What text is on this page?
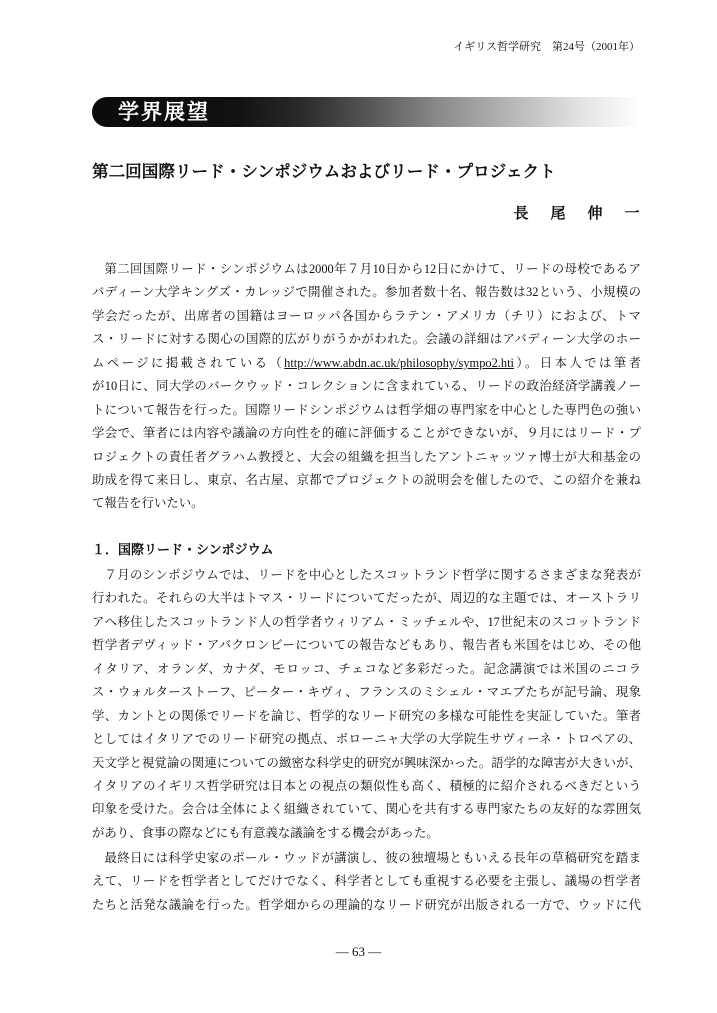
イギリス哲学研究　第24号（2001年）
学界展望
第二回国際リード・シンポジウムおよびリード・プロジェクト
長　尾　伸　一
第二回国際リード・シンポジウムは2000年７月10日から12日にかけて、リードの母校であるア
バディーン大学キングズ・カレッジで開催された。参加者数十名、報告数は32という、小規模の
学会だったが、出席者の国籍はヨーロッパ各国からラテン・アメリカ（チリ）におよび、トマ
ス・リードに対する関心の国際的広がりがうかがわれた。会議の詳細はアバディーン大学のホー
ムページに掲載されている（http://www.abdn.ac.uk/philosophy/sympo2.hti）。日本人では筆者
が10日に、同大学のバークウッド・コレクションに含まれている、リードの政治経済学講義ノー
トについて報告を行った。国際リードシンポジウムは哲学畑の専門家を中心とした専門色の強い
学会で、筆者には内容や議論の方向性を的確に評価することができないが、９月にはリード・プ
ロジェクトの責任者グラハム教授と、大会の組織を担当したアントニャッツァ博士が大和基金の
助成を得て来日し、東京、名古屋、京都でプロジェクトの説明会を催したので、この紹介を兼ね
て報告を行いたい。
１．国際リード・シンポジウム
７月のシンポジウムでは、リードを中心としたスコットランド哲学に関するさまざまな発表が
行われた。それらの大半はトマス・リードについてだったが、周辺的な主題では、オーストラリ
アへ移住したスコットランド人の哲学者ウィリアム・ミッチェルや、17世紀末のスコットランド
哲学者デヴィッド・アバクロンビーについての報告などもあり、報告者も米国をはじめ、その他
イタリア、オランダ、カナダ、モロッコ、チェコなど多彩だった。記念講演では米国のニコラ
ス・ウォルターストーフ、ピーター・キヴィ、フランスのミシェル・マエブたちが記号論、現象
学、カントとの関係でリードを論じ、哲学的なリード研究の多様な可能性を実証していた。筆者
としてはイタリアでのリード研究の拠点、ボローニャ大学の大学院生サヴィーネ・トロペアの、
天文学と視覚論の関連についての緻密な科学史的研究が興味深かった。語学的な障害が大きいが、
イタリアのイギリス哲学研究は日本との視点の類似性も高く、積極的に紹介されるべきだという
印象を受けた。会合は全体によく組織されていて、関心を共有する専門家たちの友好的な雰囲気
があり、食事の際などにも有意義な議論をする機会があった。
最終日には科学史家のポール・ウッドが講演し、彼の独壇場ともいえる長年の草稿研究を踏ま
えて、リードを哲学者としてだけでなく、科学者としても重視する必要を主張し、議場の哲学者
たちと活発な議論を行った。哲学畑からの理論的なリード研究が出版される一方で、ウッドに代
— 63 —
